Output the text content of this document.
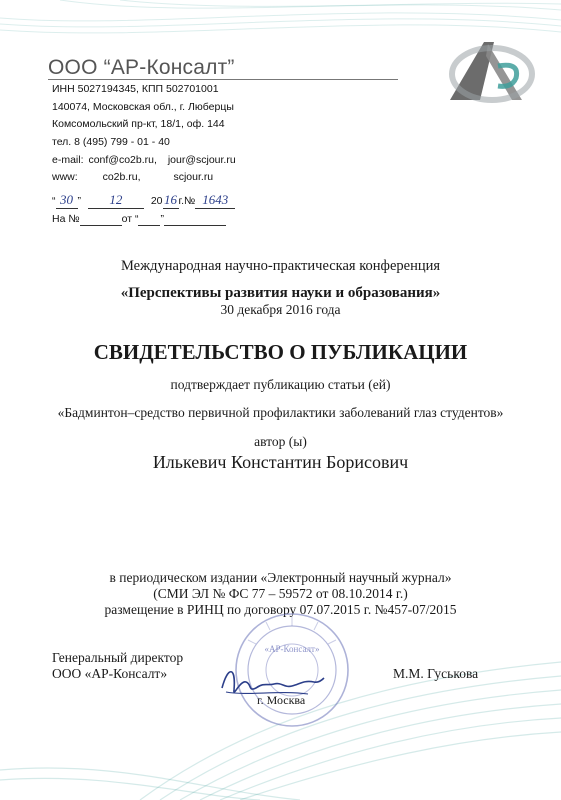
ООО “АР-Консалт”
ИНН 5027194345, КПП 502701001
140074, Московская обл., г. Люберцы
Комсомольский пр-кт, 18/1, оф. 144
тел. 8 (495) 799 - 01 - 40
e-mail: conf@co2b.ru, jour@scjour.ru
www: co2b.ru,	scjour.ru
“ 30 ” 12	20 16 г.№ 1643
На №	от “ ”
Международная научно-практическая конференция
«Перспективы развития науки и образования»
30 декабря 2016 года
СВИДЕТЕЛЬСТВО О ПУБЛИКАЦИИ
подтверждает публикацию статьи (ей)
«Бадминтон–средство первичной профилактики заболеваний глаз студентов»
автор (ы)
Илькевич Константин Борисович
в периодическом издании «Электронный научный журнал»
(СМИ ЭЛ № ФС 77 – 59572 от 08.10.2014 г.)
размещение в РИНЦ по договору 07.07.2015 г. №457-07/2015
Генеральный директор
ООО «АР-Консалт»
«АР-Консалт»
г. Москва
М.М. Гуськова
